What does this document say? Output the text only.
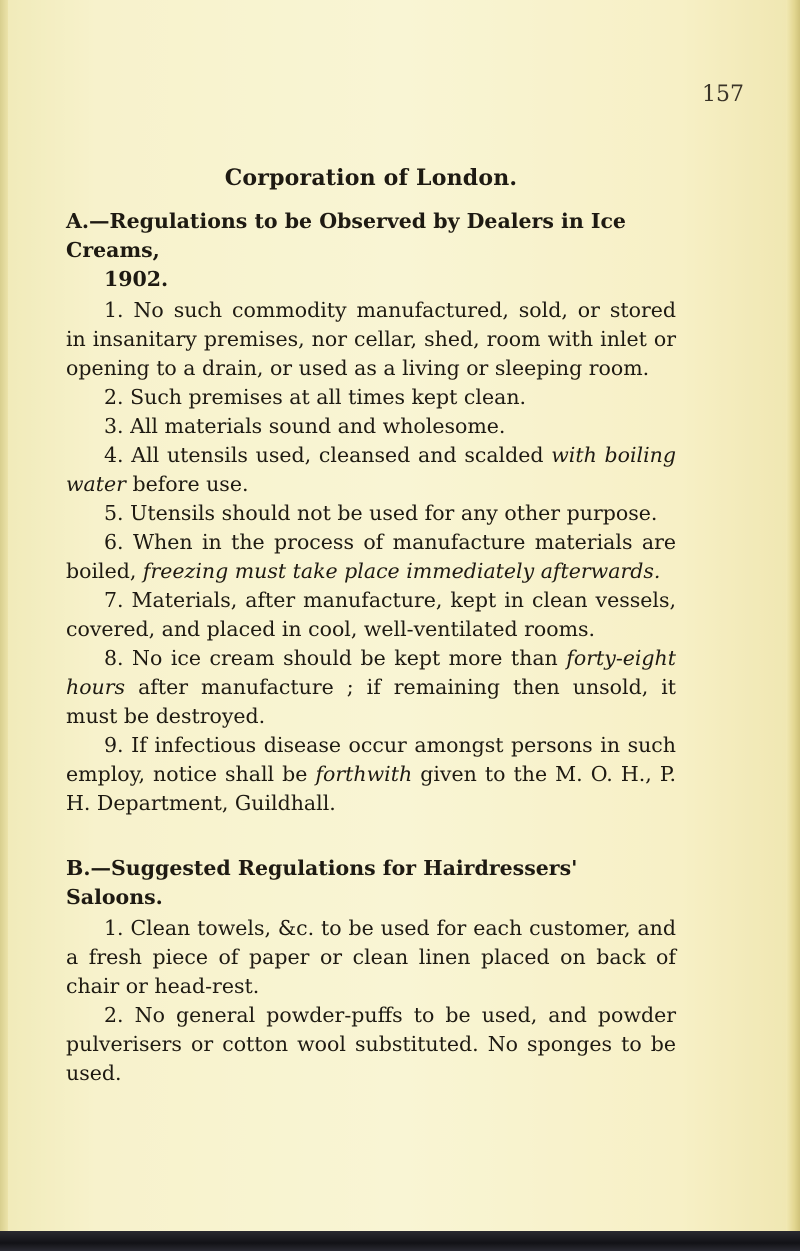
157
Corporation of London.

A.—Regulations to be Observed by Dealers in Ice Creams,
1902.

1. No such commodity manufactured, sold, or stored in insanitary premises, nor cellar, shed, room with inlet or opening to a drain, or used as a living or sleeping room.

2. Such premises at all times kept clean.

3. All materials sound and wholesome.

4. All utensils used, cleansed and scalded with boiling water before use.

5. Utensils should not be used for any other purpose.

6. When in the process of manufacture materials are boiled, freezing must take place immediately afterwards.

7. Materials, after manufacture, kept in clean vessels, covered, and placed in cool, well-ventilated rooms.

8. No ice cream should be kept more than forty-eight hours after manufacture ; if remaining then unsold, it must be destroyed.

9. If infectious disease occur amongst persons in such employ, notice shall be forthwith given to the M. O. H., P. H. Department, Guildhall.

B.—Suggested Regulations for Hairdressers' Saloons.

1. Clean towels, &c. to be used for each customer, and a fresh piece of paper or clean linen placed on back of chair or head-rest.

2. No general powder-puffs to be used, and powder pulverisers or cotton wool substituted. No sponges to be used.
